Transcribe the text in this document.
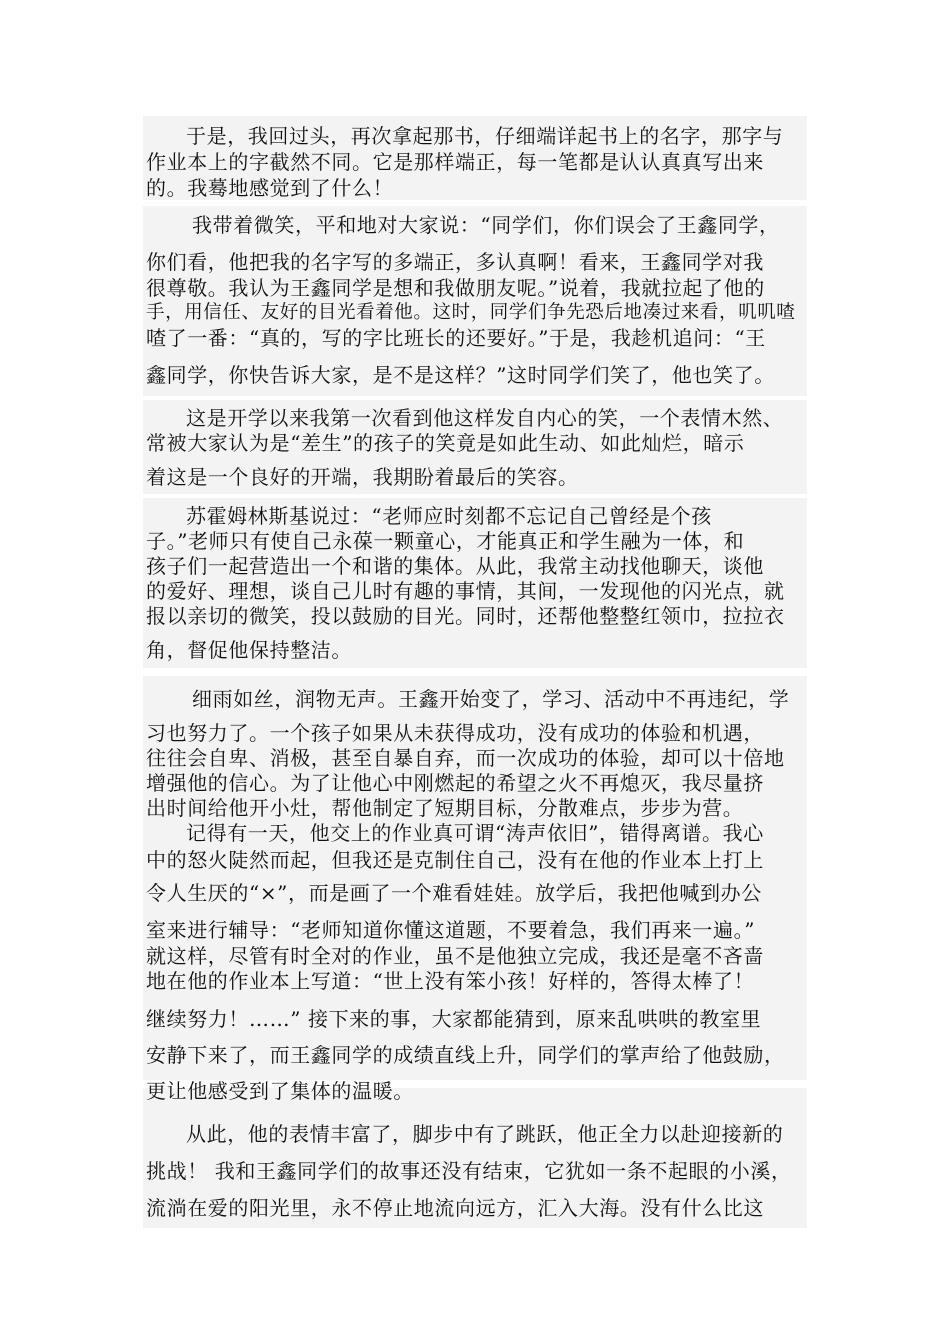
于是，我回过头，再次拿起那书，仔细端详起书上的名字，那字与
作业本上的字截然不同。它是那样端正，每一笔都是认认真真写出来
的。我蓦地感觉到了什么！
我带着微笑，平和地对大家说：“同学们，你们误会了王鑫同学，
你们看，他把我的名字写的多端正，多认真啊！看来，王鑫同学对我
很尊敬。我认为王鑫同学是想和我做朋友呢。”说着，我就拉起了他的
手，用信任、友好的目光看着他。这时，同学们争先恐后地凑过来看，叽叽喳
喳了一番：“真的，写的字比班长的还要好。”于是，我趁机追问：“王
鑫同学，你快告诉大家，是不是这样？”这时同学们笑了，他也笑了。
这是开学以来我第一次看到他这样发自内心的笑，一个表情木然、
常被大家认为是“差生”的孩子的笑竟是如此生动、如此灿烂，暗示
着这是一个良好的开端，我期盼着最后的笑容。
苏霍姆林斯基说过：“老师应时刻都不忘记自己曾经是个孩
子。”老师只有使自己永葆一颗童心，才能真正和学生融为一体，和
孩子们一起营造出一个和谐的集体。从此，我常主动找他聊天，谈他
的爱好、理想，谈自己儿时有趣的事情，其间，一发现他的闪光点，就
报以亲切的微笑，投以鼓励的目光。同时，还帮他整整红领巾，拉拉衣
角，督促他保持整洁。
细雨如丝，润物无声。王鑫开始变了，学习、活动中不再违纪，学
习也努力了。一个孩子如果从未获得成功，没有成功的体验和机遇，
往往会自卑、消极，甚至自暴自弃，而一次成功的体验，却可以十倍地
增强他的信心。为了让他心中刚燃起的希望之火不再熄灭，我尽量挤
出时间给他开小灶，帮他制定了短期目标，分散难点，步步为营。
记得有一天，他交上的作业真可谓“涛声依旧”，错得离谱。我心
中的怒火陡然而起，但我还是克制住自己，没有在他的作业本上打上
令人生厌的“×”，而是画了一个难看娃娃。放学后，我把他喊到办公
室来进行辅导：“老师知道你懂这道题，不要着急，我们再来一遍。”
就这样，尽管有时全对的作业，虽不是他独立完成，我还是毫不吝啬
地在他的作业本上写道：“世上没有笨小孩！好样的，答得太棒了！
继续努力！……” 接下来的事，大家都能猜到，原来乱哄哄的教室里
安静下来了，而王鑫同学的成绩直线上升，同学们的掌声给了他鼓励，
更让他感受到了集体的温暖。
从此，他的表情丰富了，脚步中有了跳跃，他正全力以赴迎接新的
挑战！ 我和王鑫同学们的故事还没有结束，它犹如一条不起眼的小溪，
流淌在爱的阳光里，永不停止地流向远方，汇入大海。没有什么比这
